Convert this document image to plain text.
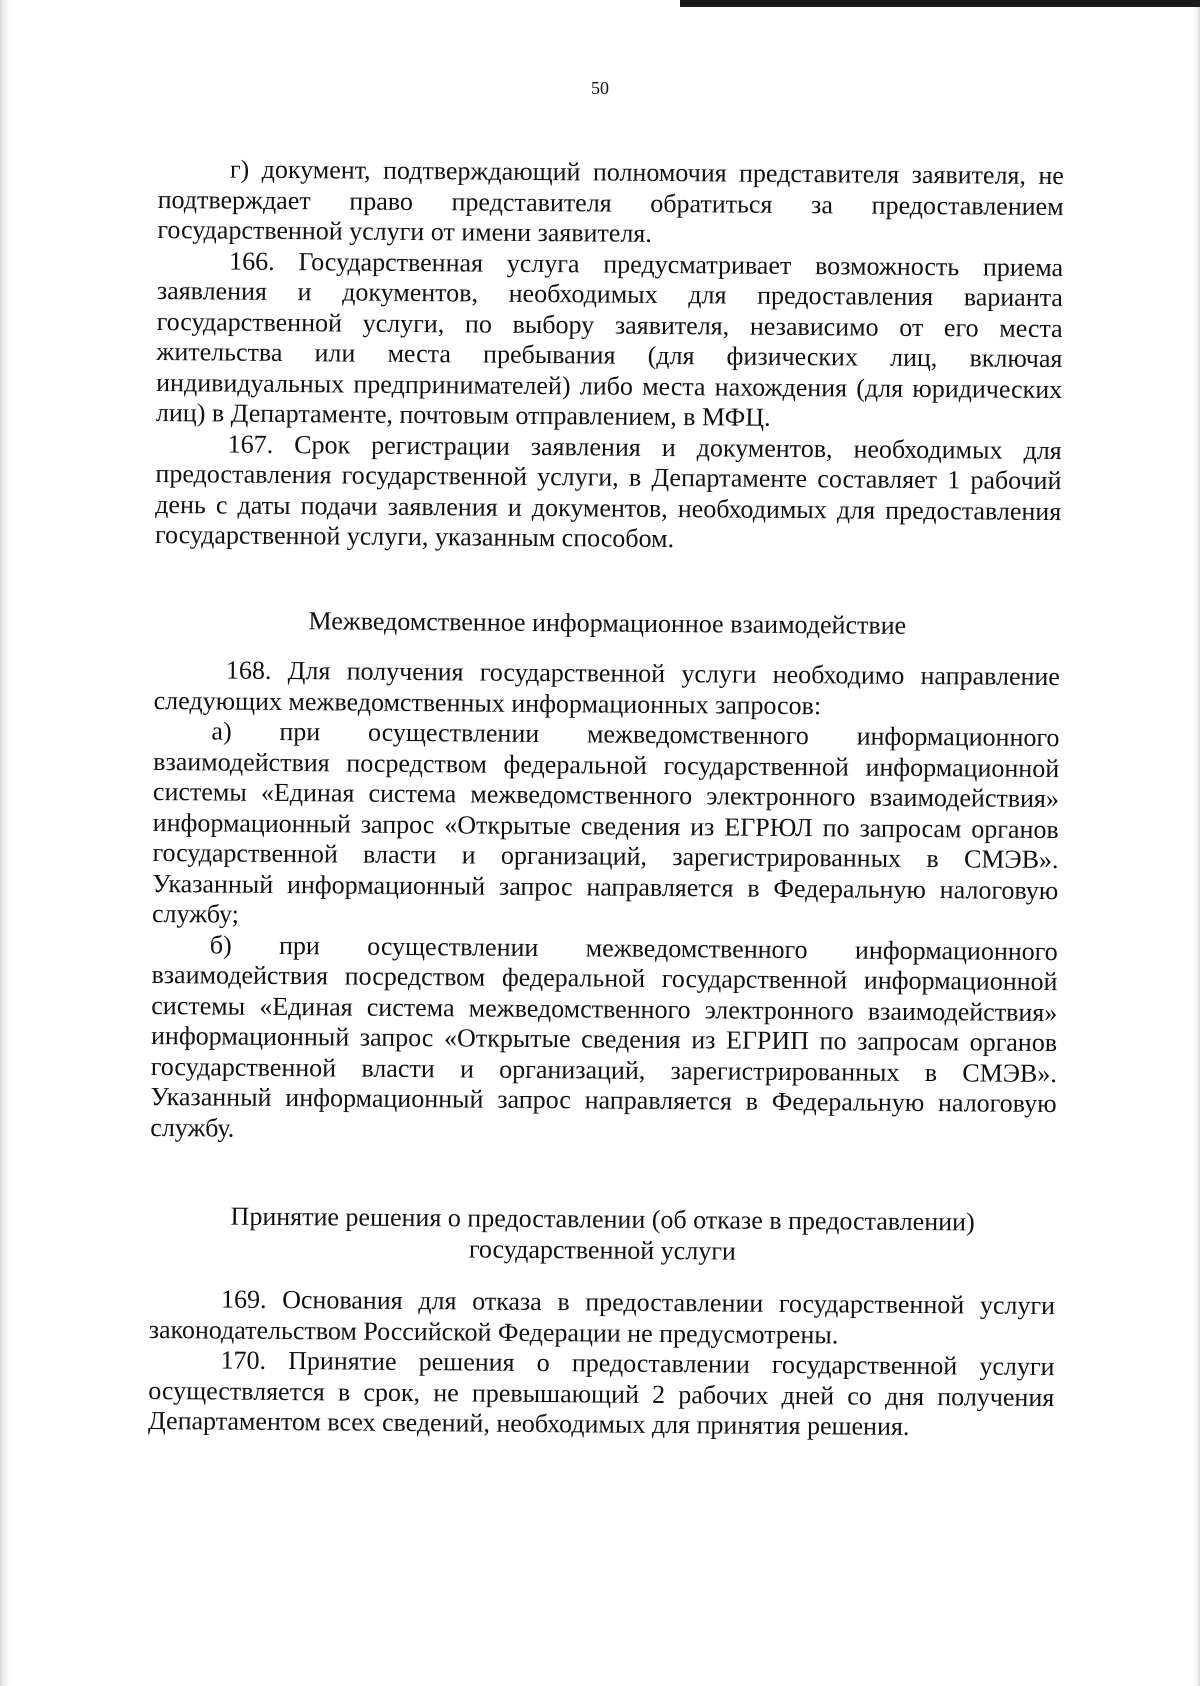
50

г) документ, подтверждающий полномочия представителя заявителя, не подтверждает право представителя обратиться за предоставлением государственной услуги от имени заявителя.

166. Государственная услуга предусматривает возможность приема заявления и документов, необходимых для предоставления варианта государственной услуги, по выбору заявителя, независимо от его места жительства или места пребывания (для физических лиц, включая индивидуальных предпринимателей) либо места нахождения (для юридических лиц) в Департаменте, почтовым отправлением, в МФЦ.

167. Срок регистрации заявления и документов, необходимых для предоставления государственной услуги, в Департаменте составляет 1 рабочий день с даты подачи заявления и документов, необходимых для предоставления государственной услуги, указанным способом.

Межведомственное информационное взаимодействие

168. Для получения государственной услуги необходимо направление следующих межведомственных информационных запросов:

а) при осуществлении межведомственного информационного взаимодействия посредством федеральной государственной информационной системы «Единая система межведомственного электронного взаимодействия» информационный запрос «Открытые сведения из ЕГРЮЛ по запросам органов государственной власти и организаций, зарегистрированных в СМЭВ». Указанный информационный запрос направляется в Федеральную налоговую службу;

б) при осуществлении межведомственного информационного взаимодействия посредством федеральной государственной информационной системы «Единая система межведомственного электронного взаимодействия» информационный запрос «Открытые сведения из ЕГРИП по запросам органов государственной власти и организаций, зарегистрированных в СМЭВ». Указанный информационный запрос направляется в Федеральную налоговую службу.

Принятие решения о предоставлении (об отказе в предоставлении)
государственной услуги

169. Основания для отказа в предоставлении государственной услуги законодательством Российской Федерации не предусмотрены.

170. Принятие решения о предоставлении государственной услуги осуществляется в срок, не превышающий 2 рабочих дней со дня получения Департаментом всех сведений, необходимых для принятия решения.
